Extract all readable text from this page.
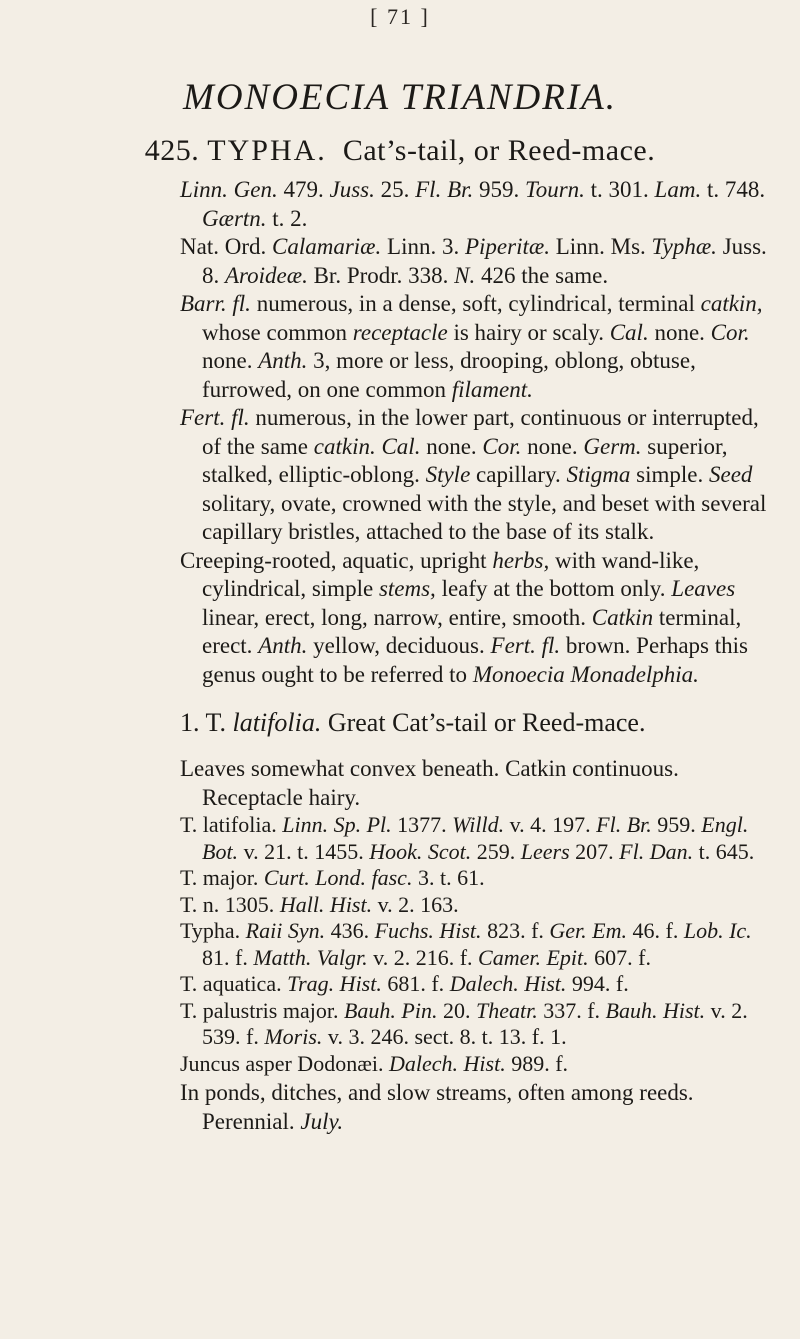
[ 71 ]
MONOECIA TRIANDRIA.
425. TYPHA. Cat’s-tail, or Reed-mace.

Linn. Gen. 479. Juss. 25. Fl. Br. 959. Tourn. t. 301. Lam. t. 748. Gærtn. t. 2.

Nat. Ord. Calamariæ. Linn. 3. Piperitæ. Linn. Ms. Typhæ. Juss. 8. Aroideæ. Br. Prodr. 338. N. 426 the same.

Barr. fl. numerous, in a dense, soft, cylindrical, terminal catkin, whose common receptacle is hairy or scaly. Cal. none. Cor. none. Anth. 3, more or less, drooping, oblong, obtuse, furrowed, on one common filament.

Fert. fl. numerous, in the lower part, continuous or interrupted, of the same catkin. Cal. none. Cor. none. Germ. superior, stalked, elliptic-oblong. Style capillary. Stigma simple. Seed solitary, ovate, crowned with the style, and beset with several capillary bristles, attached to the base of its stalk.

Creeping-rooted, aquatic, upright herbs, with wand-like, cylindrical, simple stems, leafy at the bottom only. Leaves linear, erect, long, narrow, entire, smooth. Catkin terminal, erect. Anth. yellow, deciduous. Fert. fl. brown. Perhaps this genus ought to be referred to Monoecia Monadelphia.

1. T. latifolia. Great Cat’s-tail or Reed-mace.

Leaves somewhat convex beneath. Catkin continuous. Receptacle hairy.

T. latifolia. Linn. Sp. Pl. 1377. Willd. v. 4. 197. Fl. Br. 959. Engl. Bot. v. 21. t. 1455. Hook. Scot. 259. Leers 207. Fl. Dan. t. 645.

T. major. Curt. Lond. fasc. 3. t. 61.

T. n. 1305. Hall. Hist. v. 2. 163.

Typha. Raii Syn. 436. Fuchs. Hist. 823. f. Ger. Em. 46. f. Lob. Ic. 81. f. Matth. Valgr. v. 2. 216. f. Camer. Epit. 607. f.

T. aquatica. Trag. Hist. 681. f. Dalech. Hist. 994. f.

T. palustris major. Bauh. Pin. 20. Theatr. 337. f. Bauh. Hist. v. 2. 539. f. Moris. v. 3. 246. sect. 8. t. 13. f. 1.

Juncus asper Dodonæi. Dalech. Hist. 989. f.

In ponds, ditches, and slow streams, often among reeds.
Perennial. July.
